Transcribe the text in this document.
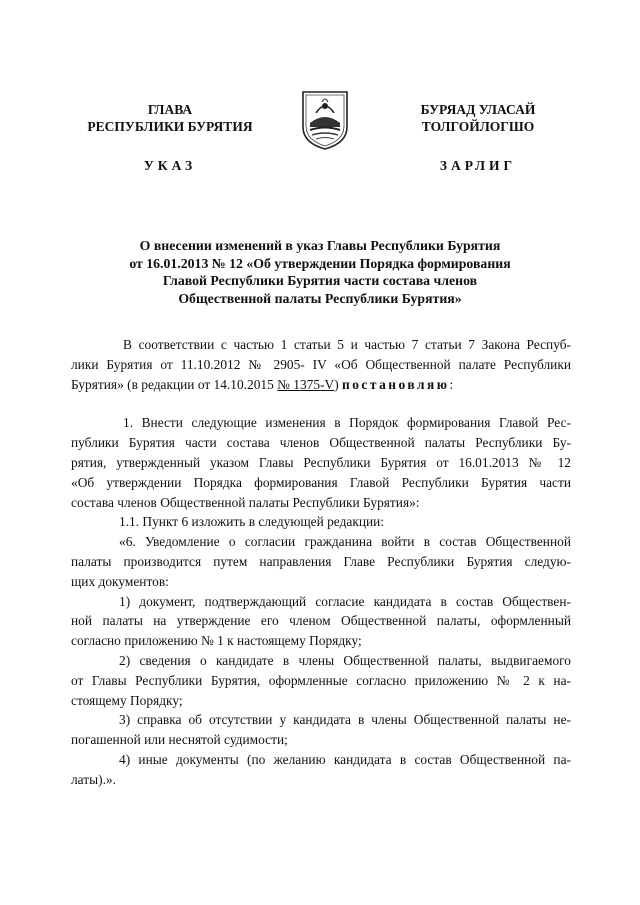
ГЛАВА
РЕСПУБЛИКИ БУРЯТИЯ
УКАЗ
БУРЯАД УЛАСАЙ
ТОЛГОЙЛОГШО
ЗАРЛИГ
О внесении изменений в указ Главы Республики Бурятия
от 16.01.2013 № 12 «Об утверждении Порядка формирования
Главой Республики Бурятия части состава членов
Общественной палаты Республики Бурятия»
В соответствии с частью 1 статьи 5 и частью 7 статьи 7 Закона Респуб-
лики Бурятия от 11.10.2012 № 2905- IV «Об Общественной палате Республики
Бурятия» (в редакции от 14.10.2015 № 1375-V) постановляю:
1. Внести следующие изменения в Порядок формирования Главой Рес-
публики Бурятия части состава членов Общественной палаты Республики Бу-
рятия, утвержденный указом Главы Республики Бурятия от 16.01.2013 № 12
«Об утверждении Порядка формирования Главой Республики Бурятия части
состава членов Общественной палаты Республики Бурятия»:
1.1. Пункт 6 изложить в следующей редакции:
«6. Уведомление о согласии гражданина войти в состав Общественной
палаты производится путем направления Главе Республики Бурятия следую-
щих документов:
1) документ, подтверждающий согласие кандидата в состав Обществен-
ной палаты на утверждение его членом Общественной палаты, оформленный
согласно приложению № 1 к настоящему Порядку;
2) сведения о кандидате в члены Общественной палаты, выдвигаемого
от Главы Республики Бурятия, оформленные согласно приложению № 2 к на-
стоящему Порядку;
3) справка об отсутствии у кандидата в члены Общественной палаты не-
погашенной или неснятой судимости;
4) иные документы (по желанию кандидата в состав Общественной па-
латы).».
